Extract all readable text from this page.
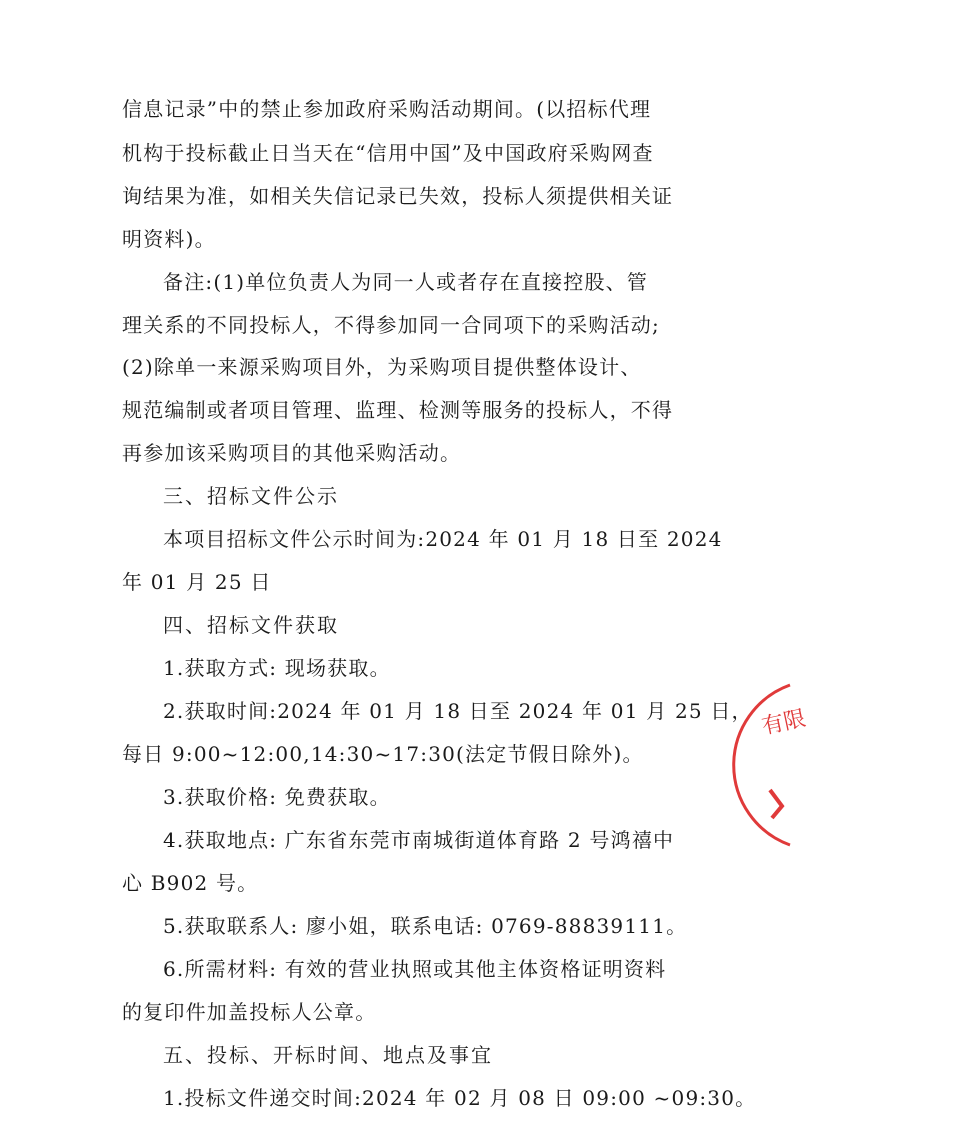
信息记录”中的禁止参加政府采购活动期间。(以招标代理
机构于投标截止日当天在“信用中国”及中国政府采购网查
询结果为准，如相关失信记录已失效，投标人须提供相关证
明资料)。
备注:(1)单位负责人为同一人或者存在直接控股、管
理关系的不同投标人，不得参加同一合同项下的采购活动;
(2)除单一来源采购项目外，为采购项目提供整体设计、
规范编制或者项目管理、监理、检测等服务的投标人，不得
再参加该采购项目的其他采购活动。
三、招标文件公示
本项目招标文件公示时间为:2024 年 01 月 18 日至 2024
年 01 月 25 日
四、招标文件获取
1.获取方式: 现场获取。
2.获取时间:2024 年 01 月 18 日至 2024 年 01 月 25 日，
每日 9:00~12:00,14:30~17:30(法定节假日除外)。
3.获取价格: 免费获取。
4.获取地点: 广东省东莞市南城街道体育路 2 号鸿禧中
心 B902 号。
5.获取联系人: 廖小姐，联系电话: 0769-88839111。
6.所需材料: 有效的营业执照或其他主体资格证明资料
的复印件加盖投标人公章。
五、投标、开标时间、地点及事宜
1.投标文件递交时间:2024 年 02 月 08 日 09:00 ~09:30。
有限
